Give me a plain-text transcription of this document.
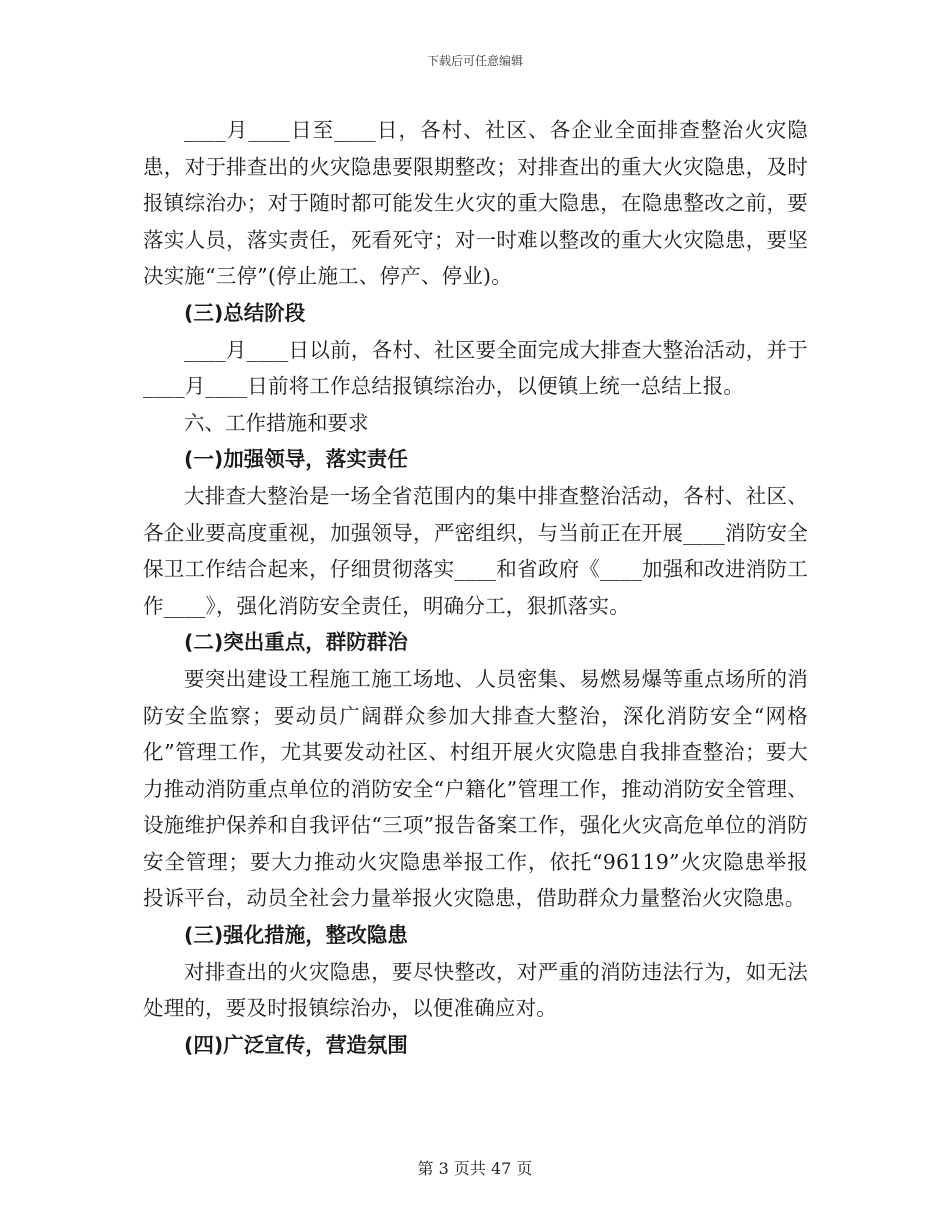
下载后可任意编辑

____月____日至____日，各村、社区、各企业全面排查整治火灾隐患，对于排查出的火灾隐患要限期整改；对排查出的重大火灾隐患，及时报镇综治办；对于随时都可能发生火灾的重大隐患，在隐患整改之前，要落实人员，落实责任，死看死守；对一时难以整改的重大火灾隐患，要坚决实施“三停”(停止施工、停产、停业)。

(三)总结阶段

____月____日以前，各村、社区要全面完成大排查大整治活动，并于____月____日前将工作总结报镇综治办，以便镇上统一总结上报。

六、工作措施和要求

(一)加强领导，落实责任

大排查大整治是一场全省范围内的集中排查整治活动，各村、社区、各企业要高度重视，加强领导，严密组织，与当前正在开展____消防安全保卫工作结合起来，仔细贯彻落实____和省政府《____加强和改进消防工作____》，强化消防安全责任，明确分工，狠抓落实。

(二)突出重点，群防群治

要突出建设工程施工施工场地、人员密集、易燃易爆等重点场所的消防安全监察；要动员广阔群众参加大排查大整治，深化消防安全“网格化”管理工作，尤其要发动社区、村组开展火灾隐患自我排查整治；要大力推动消防重点单位的消防安全“户籍化”管理工作，推动消防安全管理、设施维护保养和自我评估“三项”报告备案工作，强化火灾高危单位的消防安全管理；要大力推动火灾隐患举报工作，依托“96119”火灾隐患举报投诉平台，动员全社会力量举报火灾隐患，借助群众力量整治火灾隐患。

(三)强化措施，整改隐患

对排查出的火灾隐患，要尽快整改，对严重的消防违法行为，如无法处理的，要及时报镇综治办，以便准确应对。

(四)广泛宣传，营造氛围

第 3 页共 47 页
